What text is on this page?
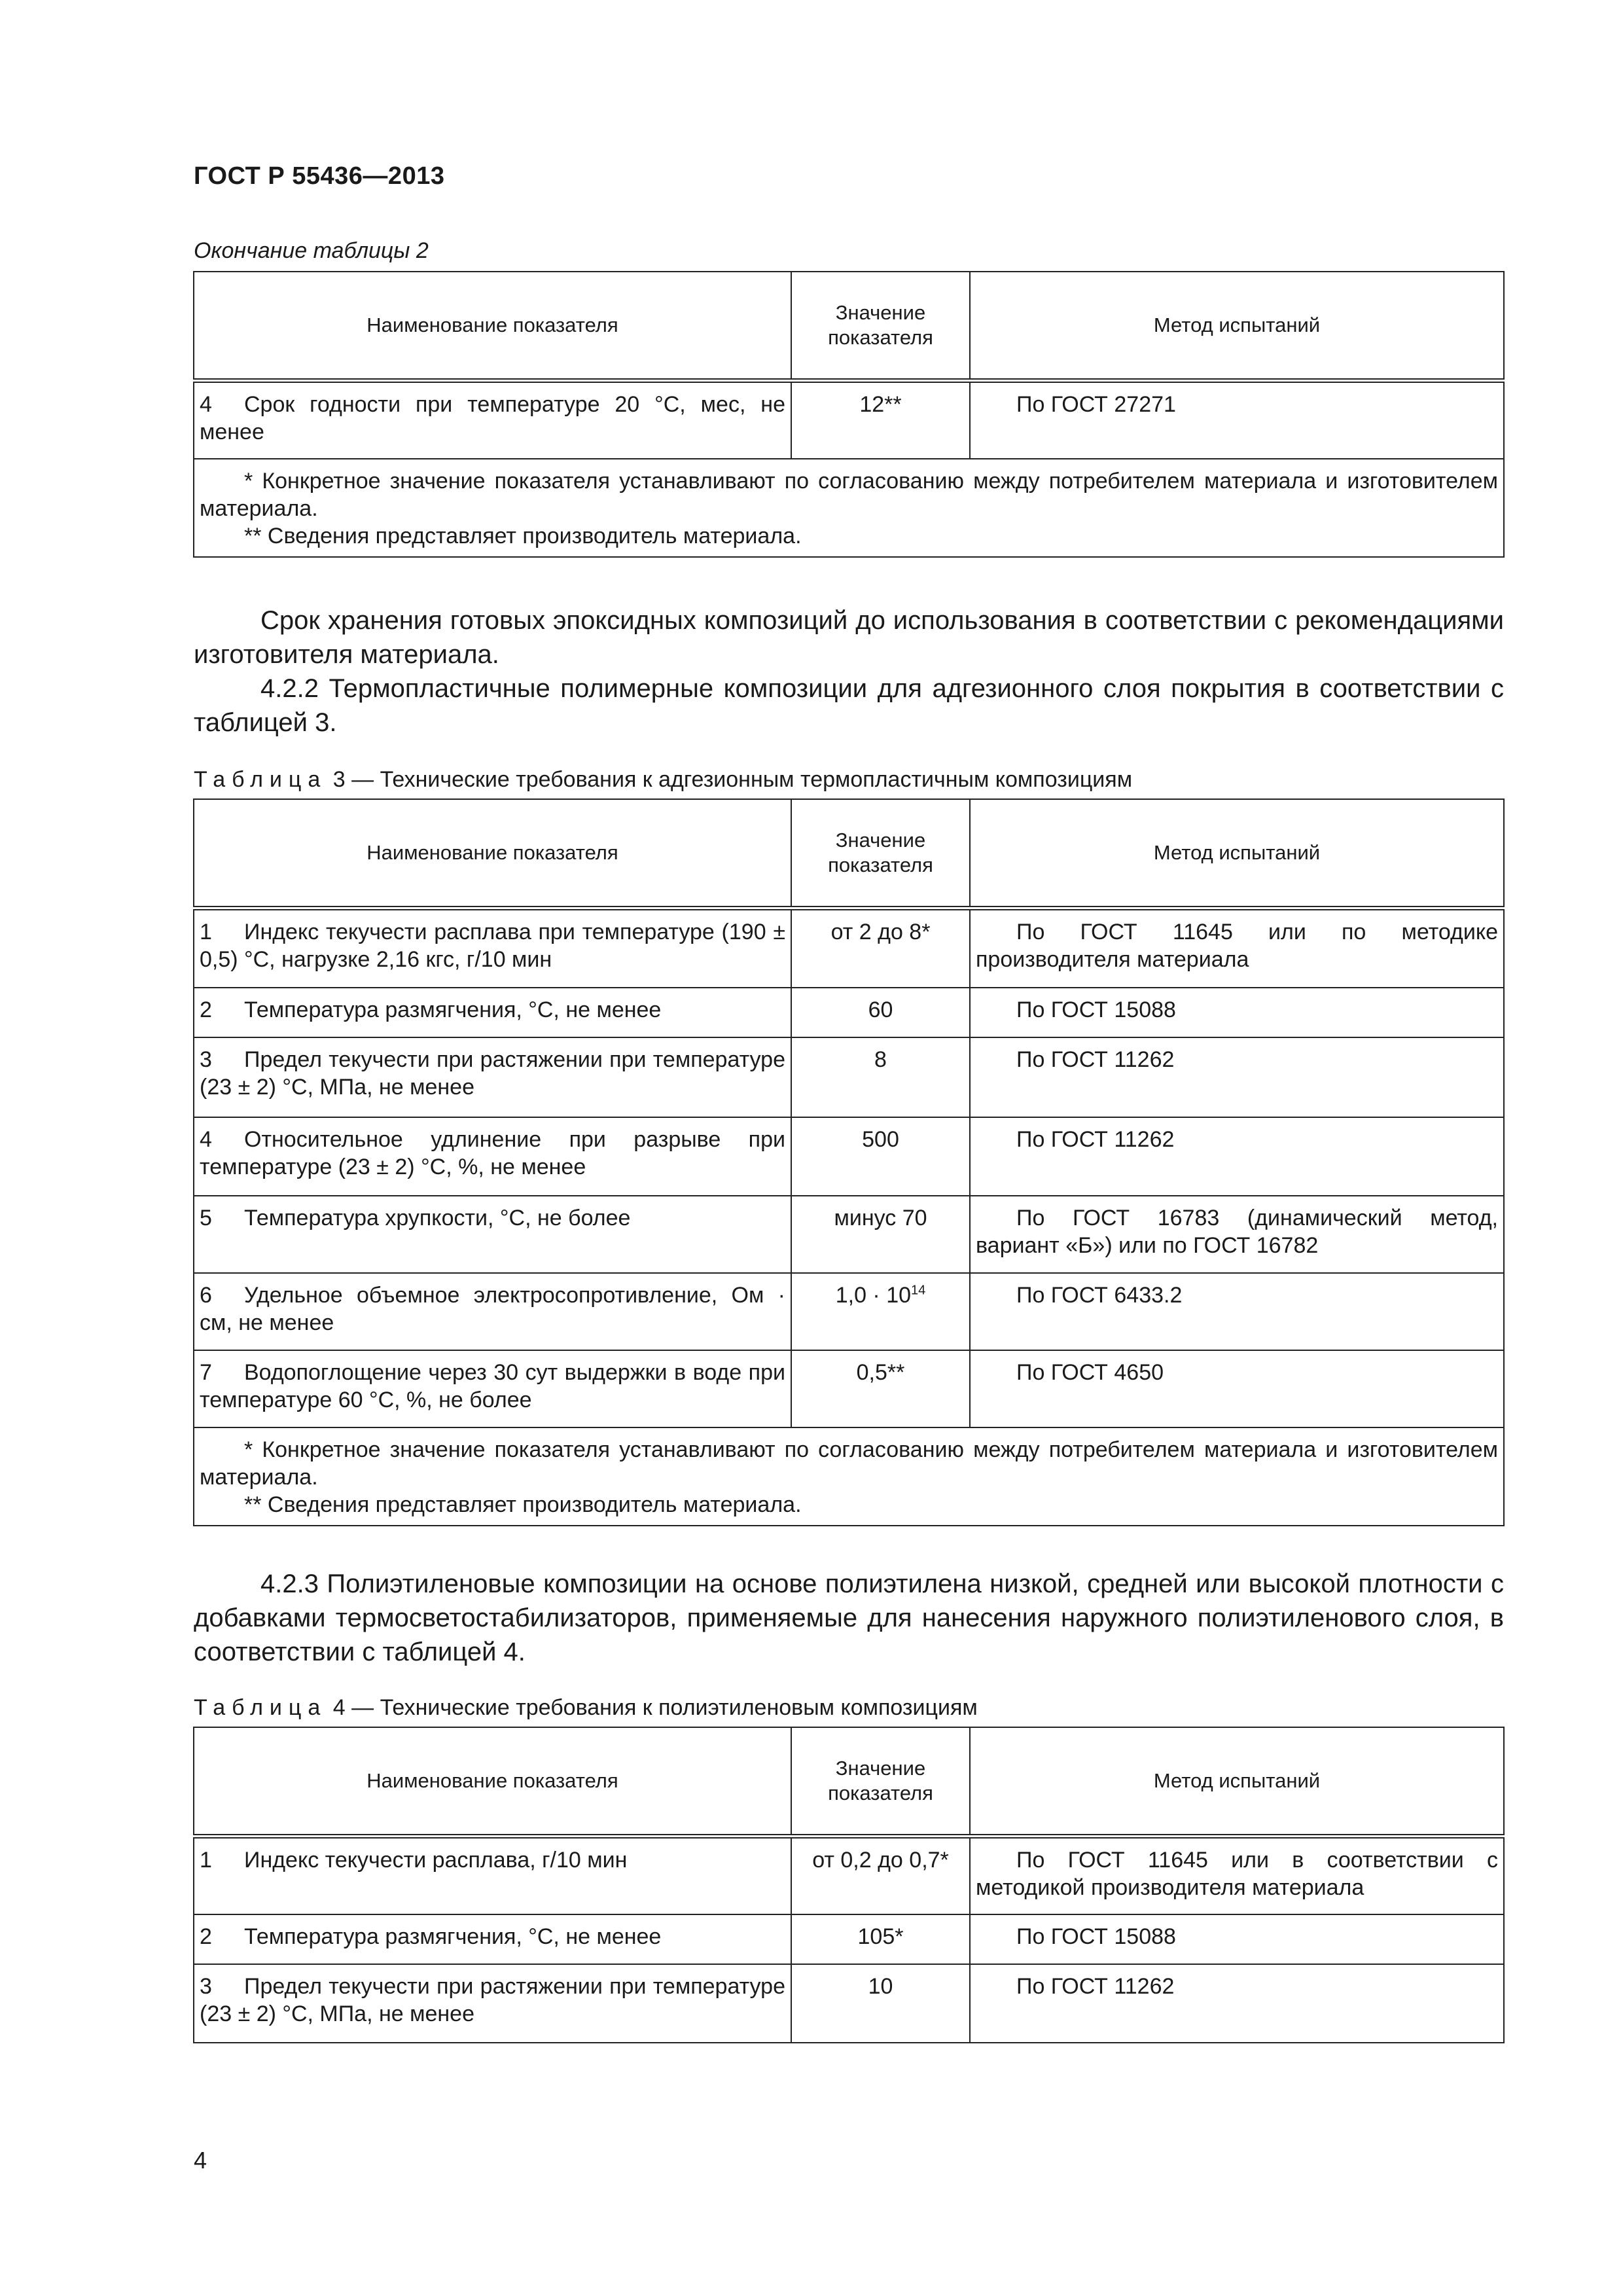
ГОСТ Р 55436—2013
Окончание таблицы 2
Наименование показателя	Значение показателя	Метод испытаний
4 Срок годности при температуре 20 °С, мес, не менее	12**	По ГОСТ 27271

* Конкретное значение показателя устанавливают по согласованию между потребителем материала и изготовителем материала.

** Сведения представляет производитель материала.		

Срок хранения готовых эпоксидных композиций до использования в соответствии с рекомендациями изготовителя материала.

4.2.2 Термопластичные полимерные композиции для адгезионного слоя покрытия в соответствии с таблицей 3.

Таблица 3 — Технические требования к адгезионным термопластичным композициям
Наименование показателя	Значение показателя	Метод испытаний
1 Индекс текучести расплава при температуре (190 ± 0,5) °С, нагрузке 2,16 кгс, г/10 мин	от 2 до 8*	По ГОСТ 11645 или по методике производителя материала
2 Температура размягчения, °С, не менее	60	По ГОСТ 15088
3 Предел текучести при растяжении при температуре (23 ± 2) °С, МПа, не менее	8	По ГОСТ 11262
4 Относительное удлинение при разрыве при температуре (23 ± 2) °С, %, не менее	500	По ГОСТ 11262
5 Температура хрупкости, °С, не более	минус 70	По ГОСТ 16783 (динамический метод, вариант «Б») или по ГОСТ 16782
6 Удельное объемное электросопротивление, Ом · см, не менее	$1,0 \cdot 10^{14}$	По ГОСТ 6433.2
7 Водопоглощение через 30 сут выдержки в воде при температуре 60 °С, %, не более	0,5**	По ГОСТ 4650

* Конкретное значение показателя устанавливают по согласованию между потребителем материала и изготовителем материала.

** Сведения представляет производитель материала.		

4.2.3 Полиэтиленовые композиции на основе полиэтилена низкой, средней или высокой плотности с добавками термосветостабилизаторов, применяемые для нанесения наружного полиэтиленового слоя, в соответствии с таблицей 4.

Таблица 4 — Технические требования к полиэтиленовым композициям
Наименование показателя	Значение показателя	Метод испытаний
1 Индекс текучести расплава, г/10 мин	от 0,2 до 0,7*	По ГОСТ 11645 или в соответствии с методикой производителя материала
2 Температура размягчения, °С, не менее	105*	По ГОСТ 15088
3 Предел текучести при растяжении при температуре (23 ± 2) °С, МПа, не менее	10	По ГОСТ 11262
4
